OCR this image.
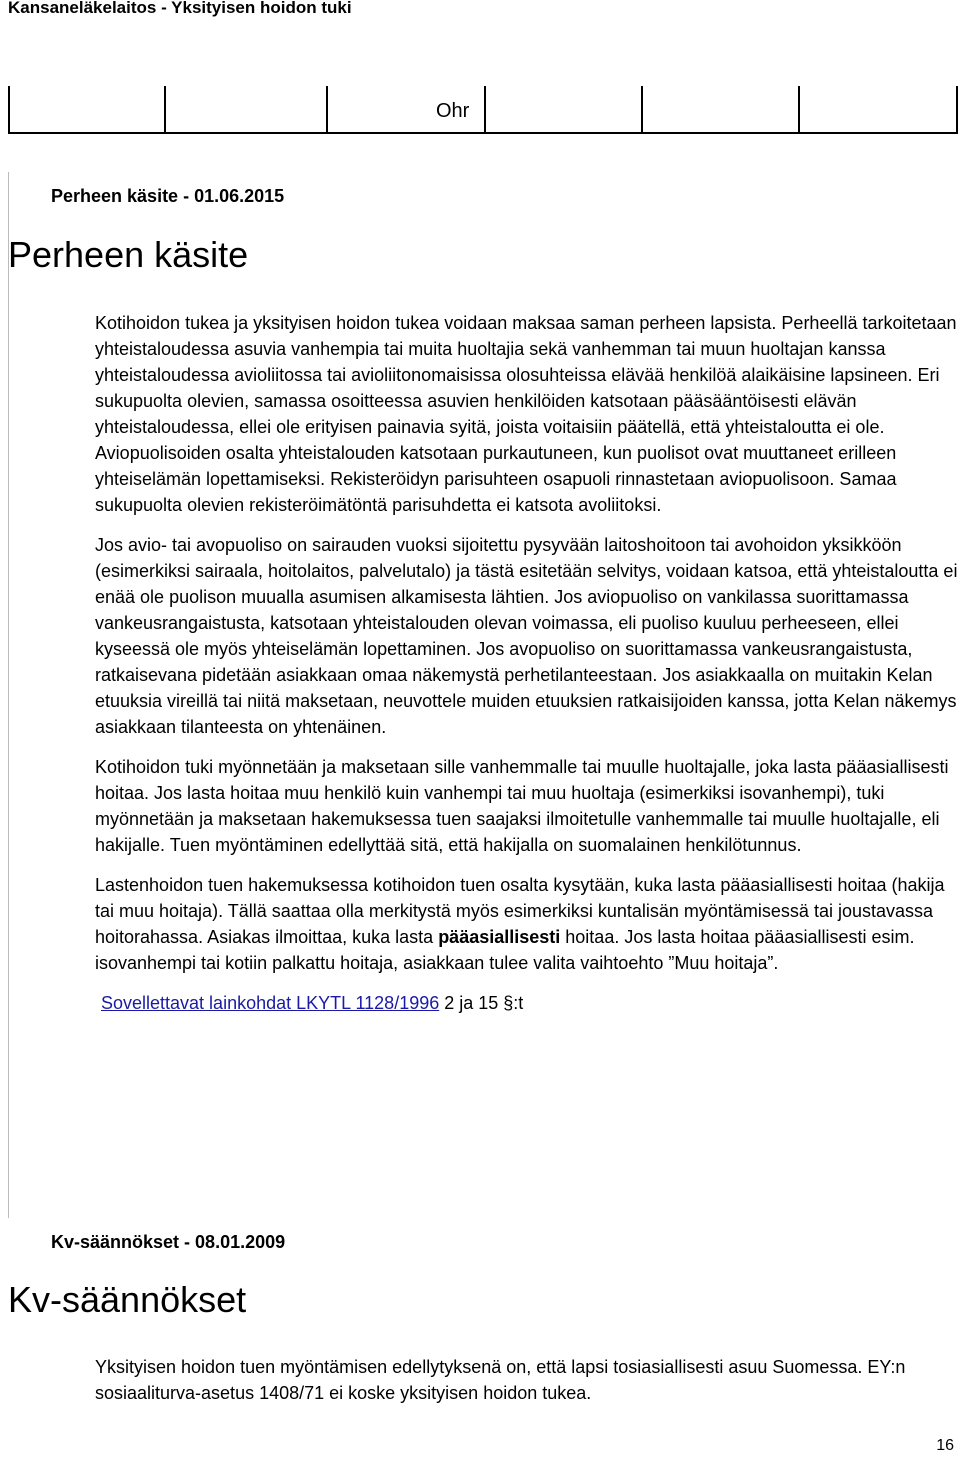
Kansaneläkelaitos - Yksityisen hoidon tuki
Ohr
Perheen käsite - 01.06.2015
Perheen käsite

Kotihoidon tukea ja yksityisen hoidon tukea voidaan maksaa saman perheen lapsista. Perheellä tarkoitetaan yhteistaloudessa asuvia vanhempia tai muita huoltajia sekä vanhemman tai muun huoltajan kanssa yhteistaloudessa avioliitossa tai avioliitonomaisissa olosuhteissa elävää henkilöä alaikäisine lapsineen. Eri sukupuolta olevien, samassa osoitteessa asuvien henkilöiden katsotaan pääsääntöisesti elävän yhteistaloudessa, ellei ole erityisen painavia syitä, joista voitaisiin päätellä, että yhteistaloutta ei ole. Aviopuolisoiden osalta yhteistalouden katsotaan purkautuneen, kun puolisot ovat muuttaneet erilleen yhteiselämän lopettamiseksi. Rekisteröidyn parisuhteen osapuoli rinnastetaan aviopuolisoon. Samaa sukupuolta olevien rekisteröimätöntä parisuhdetta ei katsota avoliitoksi.

Jos avio- tai avopuoliso on sairauden vuoksi sijoitettu pysyvään laitoshoitoon tai avohoidon yksikköön (esimerkiksi sairaala, hoitolaitos, palvelutalo) ja tästä esitetään selvitys, voidaan katsoa, että yhteistaloutta ei enää ole puolison muualla asumisen alkamisesta lähtien. Jos aviopuoliso on vankilassa suorittamassa vankeusrangaistusta, katsotaan yhteistalouden olevan voimassa, eli puoliso kuuluu perheeseen, ellei kyseessä ole myös yhteiselämän lopettaminen. Jos avopuoliso on suorittamassa vankeusrangaistusta, ratkaisevana pidetään asiakkaan omaa näkemystä perhetilanteestaan. Jos asiakkaalla on muitakin Kelan etuuksia vireillä tai niitä maksetaan, neuvottele muiden etuuksien ratkaisijoiden kanssa, jotta Kelan näkemys asiakkaan tilanteesta on yhtenäinen.

Kotihoidon tuki myönnetään ja maksetaan sille vanhemmalle tai muulle huoltajalle, joka lasta pääasiallisesti hoitaa. Jos lasta hoitaa muu henkilö kuin vanhempi tai muu huoltaja (esimerkiksi isovanhempi), tuki myönnetään ja maksetaan hakemuksessa tuen saajaksi ilmoitetulle vanhemmalle tai muulle huoltajalle, eli hakijalle. Tuen myöntäminen edellyttää sitä, että hakijalla on suomalainen henkilötunnus.

Lastenhoidon tuen hakemuksessa kotihoidon tuen osalta kysytään, kuka lasta pääasiallisesti hoitaa (hakija tai muu hoitaja). Tällä saattaa olla merkitystä myös esimerkiksi kuntalisän myöntämisessä tai joustavassa hoitorahassa. Asiakas ilmoittaa, kuka lasta pääasiallisesti hoitaa. Jos lasta hoitaa pääasiallisesti esim. isovanhempi tai kotiin palkattu hoitaja, asiakkaan tulee valita vaihtoehto ”Muu hoitaja”.

Sovellettavat lainkohdat LKYTL 1128/1996 2 ja 15 §:t

Kv-säännökset - 08.01.2009
Kv-säännökset

Yksityisen hoidon tuen myöntämisen edellytyksenä on, että lapsi tosiasiallisesti asuu Suomessa. EY:n sosiaaliturva-asetus 1408/71 ei koske yksityisen hoidon tukea.

16
